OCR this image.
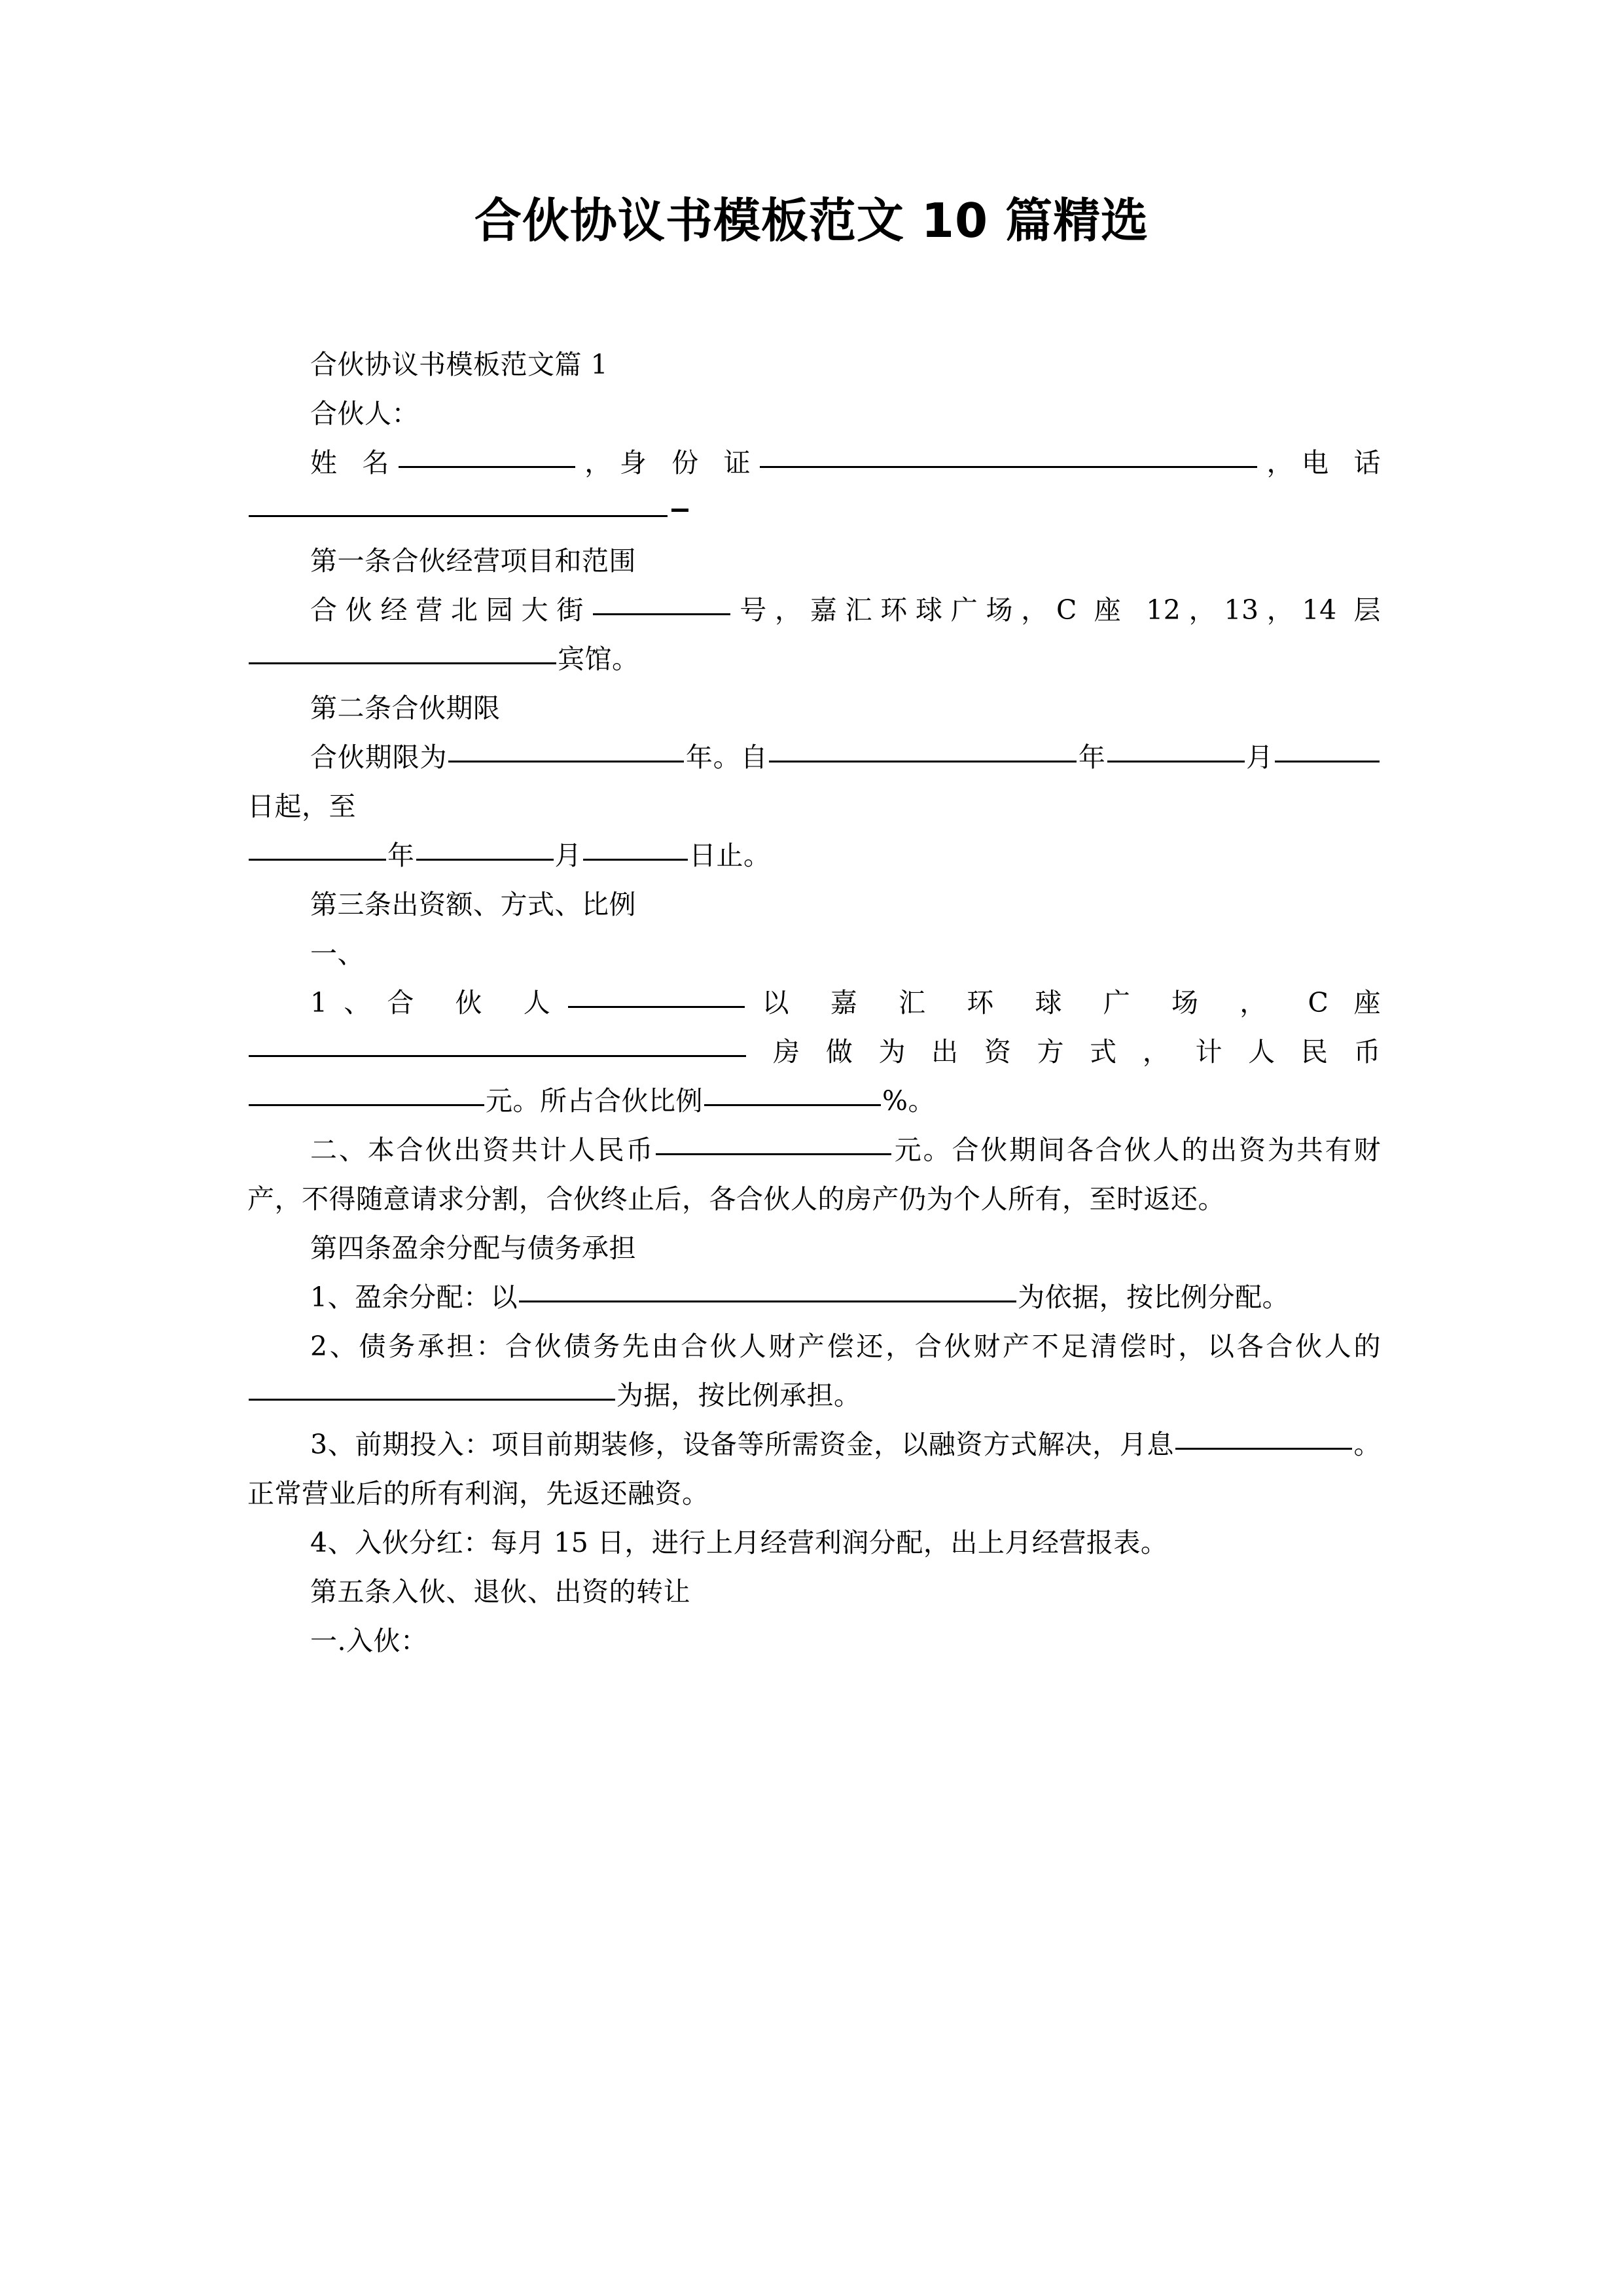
合伙协议书模板范文 10 篇精选

合伙协议书模板范文篇 1

合伙人：

姓 名	，身 份 证	，电 话

第一条合伙经营项目和范围

合伙经营北园大街	号，嘉汇环球广场，C 座 12，13，14 层

宾馆。

第二条合伙期限

合伙期限为	年。自	年	月日起，至

年	月	日止。

第三条出资额、方式、比例

一、

1、合 伙 人	以 嘉 汇 环 球 广 场 ， C 座

房做为出资方式，计人民币

元。所占合伙比例	%。

二、本合伙出资共计人民币	元。合伙期间各合伙人的出资为共有财产，不得随意请求分割，合伙终止后，各合伙人的房产仍为个人所有，至时返还。

第四条盈余分配与债务承担

1、盈余分配：以	为依据，按比例分配。

2、债务承担：合伙债务先由合伙人财产偿还，合伙财产不足清偿时，以各合伙人的为据，按比例承担。

3、前期投入：项目前期装修，设备等所需资金，以融资方式解决，月息	。正常营业后的所有利润，先返还融资。

4、入伙分红：每月 15 日，进行上月经营利润分配，出上月经营报表。

第五条入伙、退伙、出资的转让

一.入伙：
